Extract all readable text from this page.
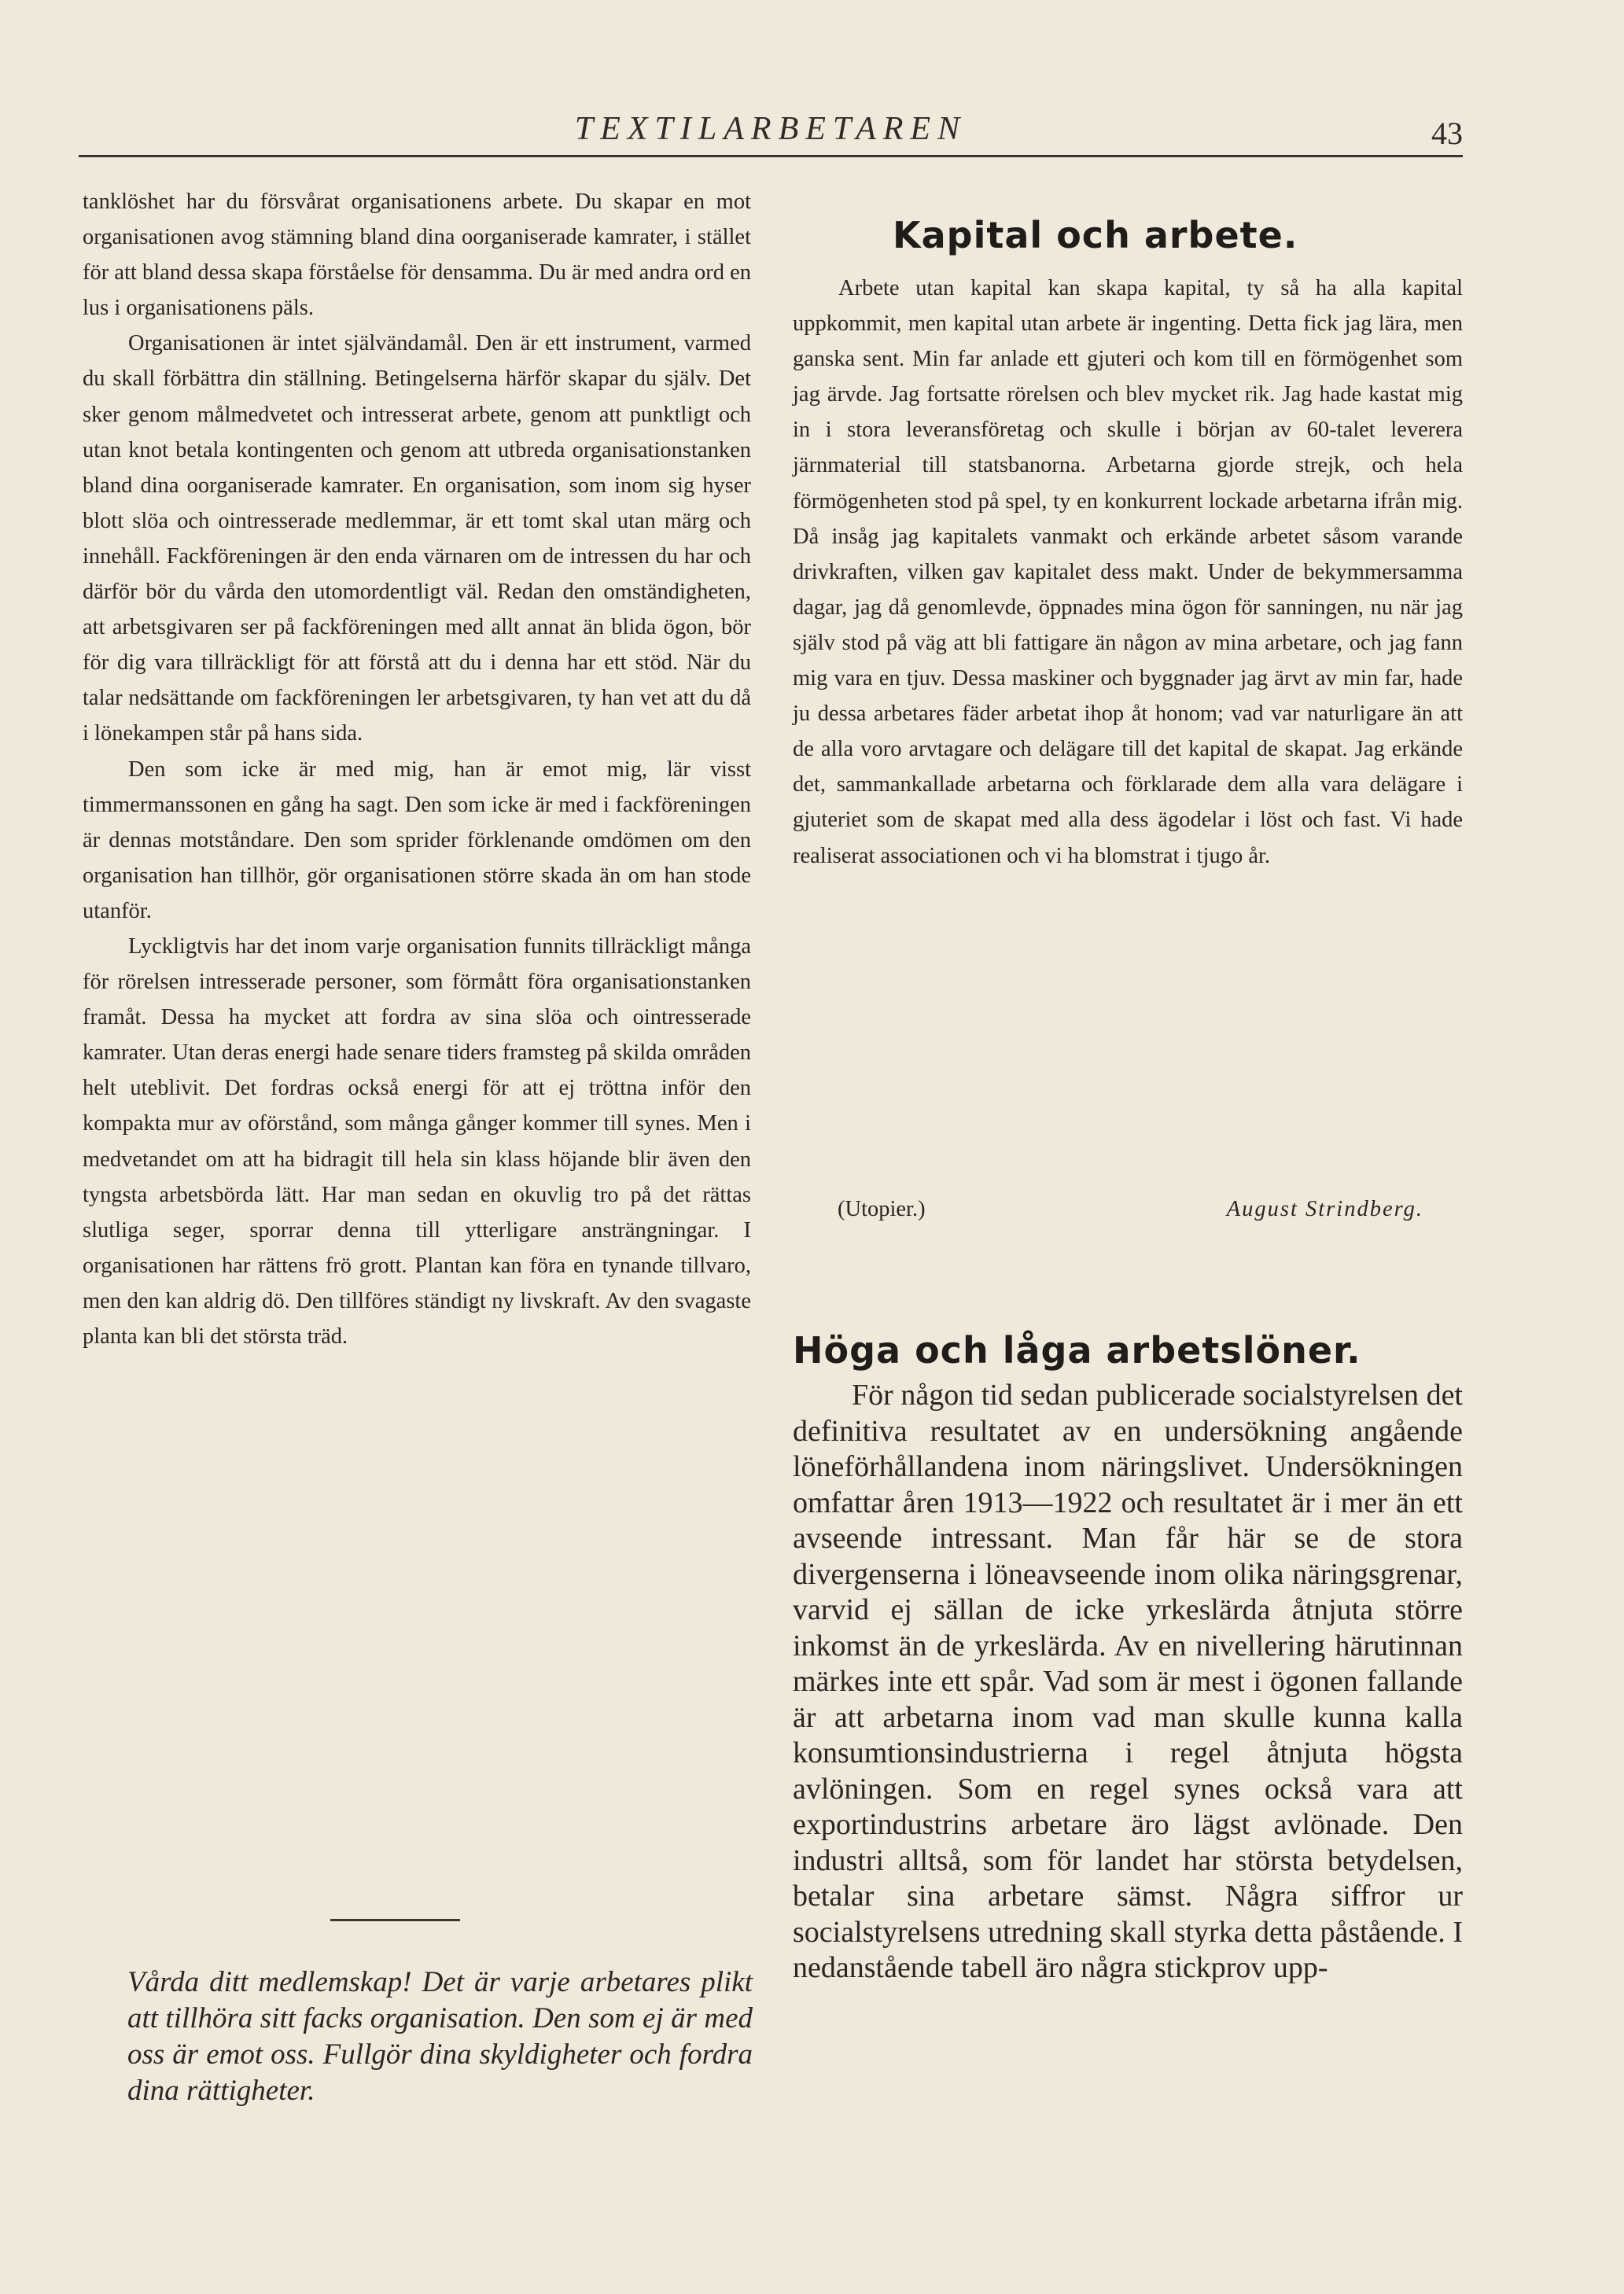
TEXTILARBETAREN	43

tanklöshet har du försvårat organisationens arbete. Du skapar en mot organisationen avog stämning bland dina oorganiserade kamrater, i stället för att bland dessa skapa förståelse för densamma. Du är med andra ord en lus i organisationens päls.

Organisationen är intet självändamål. Den är ett instrument, varmed du skall förbättra din ställning. Betingelserna härför skapar du själv. Det sker genom målmedvetet och intresserat arbete, genom att punktligt och utan knot betala kontingenten och genom att utbreda organisationstanken bland dina oorganiserade kamrater. En organisation, som inom sig hyser blott slöa och ointresserade medlemmar, är ett tomt skal utan märg och innehåll. Fackföreningen är den enda värnaren om de intressen du har och därför bör du vårda den utomordentligt väl. Redan den omständigheten, att arbetsgivaren ser på fackföreningen med allt annat än blida ögon, bör för dig vara tillräckligt för att förstå att du i denna har ett stöd. När du talar nedsättande om fackföreningen ler arbetsgivaren, ty han vet att du då i lönekampen står på hans sida.

Den som icke är med mig, han är emot mig, lär visst timmermanssonen en gång ha sagt. Den som icke är med i fackföreningen är dennas motståndare. Den som sprider förklenande omdömen om den organisation han tillhör, gör organisationen större skada än om han stode utanför.

Lyckligtvis har det inom varje organisation funnits tillräckligt många för rörelsen intresserade personer, som förmått föra organisationstanken framåt. Dessa ha mycket att fordra av sina slöa och ointresserade kamrater. Utan deras energi hade senare tiders framsteg på skilda områden helt uteblivit. Det fordras också energi för att ej tröttna inför den kompakta mur av oförstånd, som många gånger kommer till synes. Men i medvetandet om att ha bidragit till hela sin klass höjande blir även den tyngsta arbetsbörda lätt. Har man sedan en okuvlig tro på det rättas slutliga seger, sporrar denna till ytterligare ansträngningar. I organisationen har rättens frö grott. Plantan kan föra en tynande tillvaro, men den kan aldrig dö. Den tillföres ständigt ny livskraft. Av den svagaste planta kan bli det största träd.

Vårda ditt medlemskap! Det är varje arbetares plikt att tillhöra sitt facks organisation. Den som ej är med oss är emot oss. Fullgör dina skyldigheter och fordra dina rättigheter.
Kapital och arbete.

Arbete utan kapital kan skapa kapital, ty så ha alla kapital uppkommit, men kapital utan arbete är ingenting. Detta fick jag lära, men ganska sent. Min far anlade ett gjuteri och kom till en förmögenhet som jag ärvde. Jag fortsatte rörelsen och blev mycket rik. Jag hade kastat mig in i stora leveransföretag och skulle i början av 60-talet leverera järnmaterial till statsbanorna. Arbetarna gjorde strejk, och hela förmögenheten stod på spel, ty en konkurrent lockade arbetarna ifrån mig. Då insåg jag kapitalets vanmakt och erkände arbetet såsom varande drivkraften, vilken gav kapitalet dess makt. Under de bekymmersamma dagar, jag då genomlevde, öppnades mina ögon för sanningen, nu när jag själv stod på väg att bli fattigare än någon av mina arbetare, och jag fann mig vara en tjuv. Dessa maskiner och byggnader jag ärvt av min far, hade ju dessa arbetares fäder arbetat ihop åt honom; vad var naturligare än att de alla voro arvtagare och delägare till det kapital de skapat. Jag erkände det, sammankallade arbetarna och förklarade dem alla vara delägare i gjuteriet som de skapat med alla dess ägodelar i löst och fast. Vi hade realiserat associationen och vi ha blomstrat i tjugo år.

(Utopier.)	August Strindberg.
Höga och låga arbetslöner.

För någon tid sedan publicerade socialstyrelsen det definitiva resultatet av en undersökning angående löneförhållandena inom näringslivet. Undersökningen omfattar åren 1913—1922 och resultatet är i mer än ett avseende intressant. Man får här se de stora divergenserna i löneavseende inom olika näringsgrenar, varvid ej sällan de icke yrkeslärda åtnjuta större inkomst än de yrkeslärda. Av en nivellering härutinnan märkes inte ett spår. Vad som är mest i ögonen fallande är att arbetarna inom vad man skulle kunna kalla konsumtionsindustrierna i regel åtnjuta högsta avlöningen. Som en regel synes också vara att exportindustrins arbetare äro lägst avlönade. Den industri alltså, som för landet har största betydelsen, betalar sina arbetare sämst. Några siffror ur socialstyrelsens utredning skall styrka detta påstående. I nedanstående tabell äro några stickprov upp-
